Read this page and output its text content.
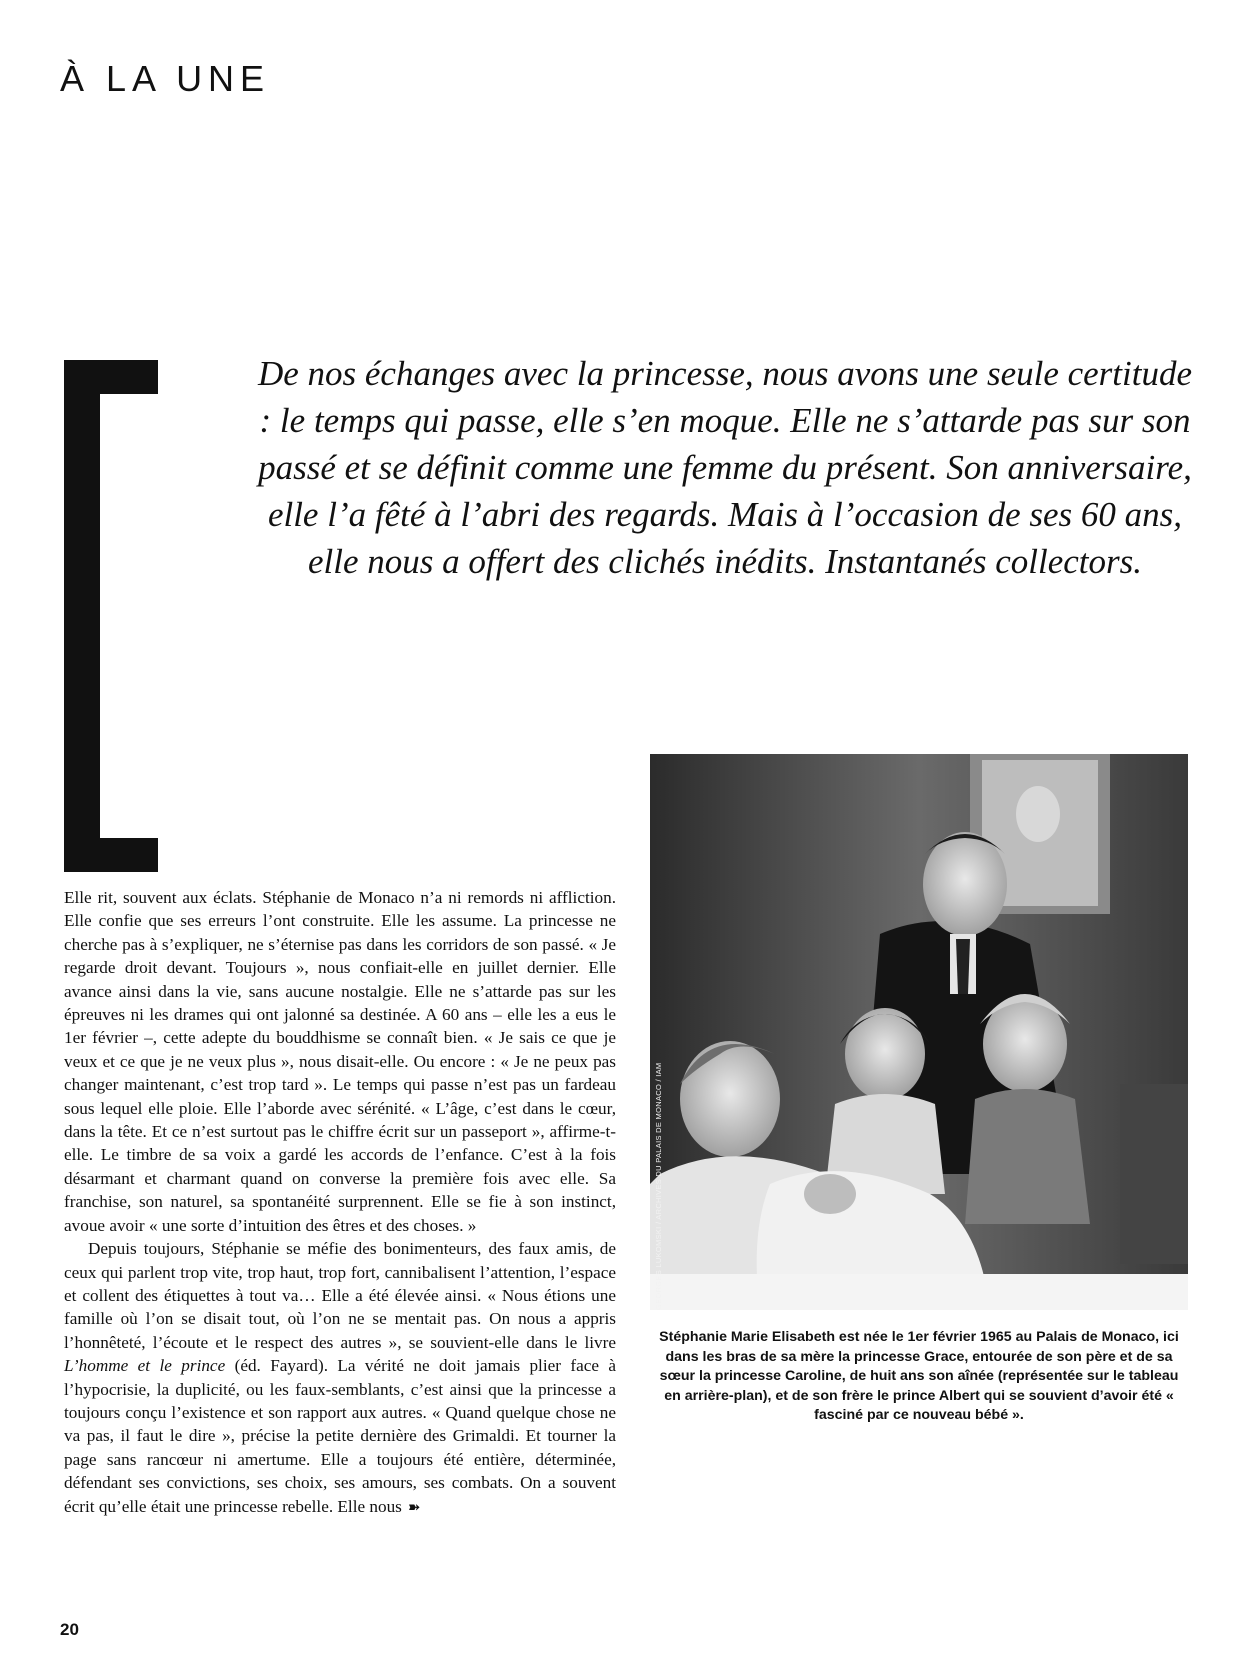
À LA UNE

De nos échanges avec la princesse, nous avons une seule certitude : le temps qui passe, elle s’en moque. Elle ne s’attarde pas sur son passé et se définit comme une femme du présent. Son anniversaire, elle l’a fêté à l’abri des regards. Mais à l’occasion de ses 60 ans, elle nous a offert des clichés inédits. Instantanés collectors.

Elle rit, souvent aux éclats. Stéphanie de Monaco n’a ni remords ni affliction. Elle confie que ses erreurs l’ont construite. Elle les assume. La princesse ne cherche pas à s’expliquer, ne s’éternise pas dans les corridors de son passé. « Je regarde droit devant. Toujours », nous confiait-elle en juillet dernier. Elle avance ainsi dans la vie, sans aucune nostalgie. Elle ne s’attarde pas sur les épreuves ni les drames qui ont jalonné sa destinée. A 60 ans – elle les a eus le 1er février –, cette adepte du bouddhisme se connaît bien. « Je sais ce que je veux et ce que je ne veux plus », nous disait-elle. Ou encore : « Je ne peux pas changer maintenant, c’est trop tard ». Le temps qui passe n’est pas un fardeau sous lequel elle ploie. Elle l’aborde avec sérénité. « L’âge, c’est dans le cœur, dans la tête. Et ce n’est surtout pas le chiffre écrit sur un passeport », affirme-t-elle. Le timbre de sa voix a gardé les accords de l’enfance. C’est à la fois désarmant et charmant quand on converse la première fois avec elle. Sa franchise, son naturel, sa spontanéité surprennent. Elle se fie à son instinct, avoue avoir « une sorte d’intuition des êtres et des choses. »

Depuis toujours, Stéphanie se méfie des bonimenteurs, des faux amis, de ceux qui parlent trop vite, trop haut, trop fort, cannibalisent l’attention, l’espace et collent des étiquettes à tout va… Elle a été élevée ainsi. « Nous étions une famille où l’on se disait tout, où l’on ne se mentait pas. On nous a appris l’honnêteté, l’écoute et le respect des autres », se souvient-elle dans le livre L’homme et le prince (éd. Fayard). La vérité ne doit jamais plier face à l’hypocrisie, la duplicité, ou les faux-semblants, c’est ainsi que la princesse a toujours conçu l’existence et son rapport aux autres. « Quand quelque chose ne va pas, il faut le dire », précise la petite dernière des Grimaldi. Et tourner la page sans rancœur ni amertume. Elle a toujours été entière, déterminée, défendant ses convictions, ses choix, ses amours, ses combats. On a souvent écrit qu’elle était une princesse rebelle. Elle nous ➽

GEORGES LUKOMSKI / ARCHIVES DU PALAIS DE MONACO / IAM

Stéphanie Marie Elisabeth est née le 1er février 1965 au Palais de Monaco, ici dans les bras de sa mère la princesse Grace, entourée de son père et de sa sœur la princesse Caroline, de huit ans son aînée (représentée sur le tableau en arrière-plan), et de son frère le prince Albert qui se souvient d’avoir été « fasciné par ce nouveau bébé ».

20
